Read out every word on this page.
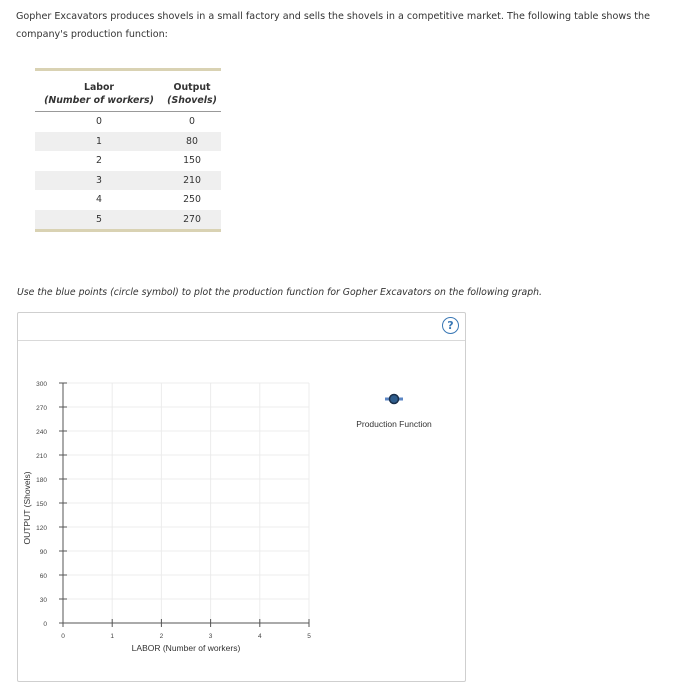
Gopher Excavators produces shovels in a small factory and sells the shovels in a competitive market. The following table shows the company's production function:
Labor	Output
(Number of workers)	(Shovels)
0	0
1	80
2	150
3	210
4	250
5	270
Use the blue points (circle symbol) to plot the production function for Gopher Excavators on the following graph.
?
0
30
60
90
120
150
180
210
240
270
300
0	1	2	3	4	5
OUTPUT (Shovels)
LABOR (Number of workers)
Production Function
